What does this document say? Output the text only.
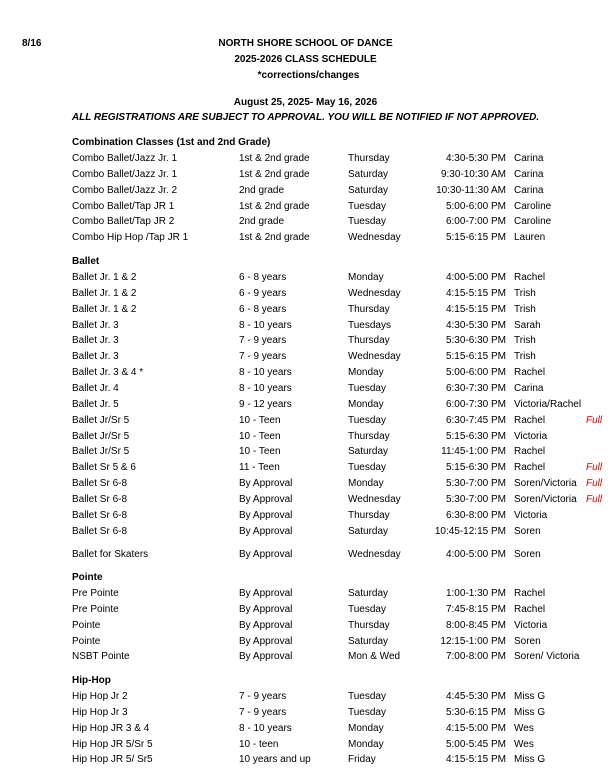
8/16	NORTH SHORE SCHOOL OF DANCE
2025-2026 CLASS SCHEDULE
*corrections/changes
August 25, 2025- May 16, 2026
ALL REGISTRATIONS ARE SUBJECT TO APPROVAL. YOU WILL BE NOTIFIED IF NOT APPROVED.
Combination Classes (1st and 2nd Grade)
Combo Ballet/Jazz Jr. 1	1st & 2nd grade	Thursday	4:30-5:30 PM Carina
Combo Ballet/Jazz Jr. 1	1st & 2nd grade	Saturday	9:30-10:30 AM Carina
Combo Ballet/Jazz Jr. 2	2nd grade	Saturday	10:30-11:30 AM Carina
Combo Ballet/Tap JR 1	1st & 2nd grade	Tuesday	5:00-6:00 PM Caroline
Combo Ballet/Tap JR 2	2nd grade	Tuesday	6:00-7:00 PM Caroline
Combo Hip Hop /Tap JR 1	1st & 2nd grade	Wednesday	5:15-6:15 PM Lauren
Ballet
Ballet Jr. 1 & 2	6 - 8 years	Monday	4:00-5:00 PM Rachel
Ballet Jr. 1 & 2	6 - 9 years	Wednesday	4:15-5:15 PM Trish
Ballet Jr. 1 & 2	6 - 8 years	Thursday	4:15-5:15 PM Trish
Ballet Jr. 3	8 - 10 years	Tuesdays	4:30-5:30 PM Sarah
Ballet Jr. 3	7 - 9 years	Thursday	5:30-6:30 PM Trish
Ballet Jr. 3	7 - 9 years	Wednesday	5:15-6:15 PM Trish
Ballet Jr. 3 & 4 *	8 - 10 years	Monday	5:00-6:00 PM Rachel
Ballet Jr. 4	8 - 10 years	Tuesday	6:30-7:30 PM Carina
Ballet Jr. 5	9 - 12 years	Monday	6:00-7:30 PM Victoria/Rachel
Ballet Jr/Sr 5	10 - Teen	Tuesday	6:30-7:45 PM Rachel	Full
Ballet Jr/Sr 5	10 - Teen	Thursday	5:15-6:30 PM Victoria
Ballet Jr/Sr 5	10 - Teen	Saturday	11:45-1:00 PM Rachel
Ballet Sr 5 & 6	11 - Teen	Tuesday	5:15-6:30 PM Rachel	Full
Ballet Sr 6-8	By Approval	Monday	5:30-7:00 PM Soren/Victoria Full
Ballet Sr 6-8	By Approval	Wednesday	5:30-7:00 PM Soren/Victoria Full
Ballet Sr 6-8	By Approval	Thursday	6:30-8:00 PM Victoria
Ballet Sr 6-8	By Approval	Saturday	10:45-12:15 PM Soren
Ballet for Skaters	By Approval	Wednesday	4:00-5:00 PM Soren
Pointe
Pre Pointe	By Approval	Saturday	1:00-1:30 PM Rachel
Pre Pointe	By Approval	Tuesday	7:45-8:15 PM Rachel
Pointe	By Approval	Thursday	8:00-8:45 PM Victoria
Pointe	By Approval	Saturday	12:15-1:00 PM Soren
NSBT Pointe	By Approval	Mon & Wed	7:00-8:00 PM Soren/ Victoria
Hip-Hop
Hip Hop Jr 2	7 - 9 years	Tuesday	4:45-5:30 PM Miss G
Hip Hop Jr 3	7 - 9 years	Tuesday	5:30-6:15 PM Miss G
Hip Hop JR 3 & 4	8 - 10 years	Monday	4:15-5:00 PM Wes
Hip Hop JR 5/Sr 5	10 - teen	Monday	5:00-5:45 PM Wes
Hip Hop JR 5/ Sr5	10 years and up	Friday	4:15-5:15 PM Miss G
